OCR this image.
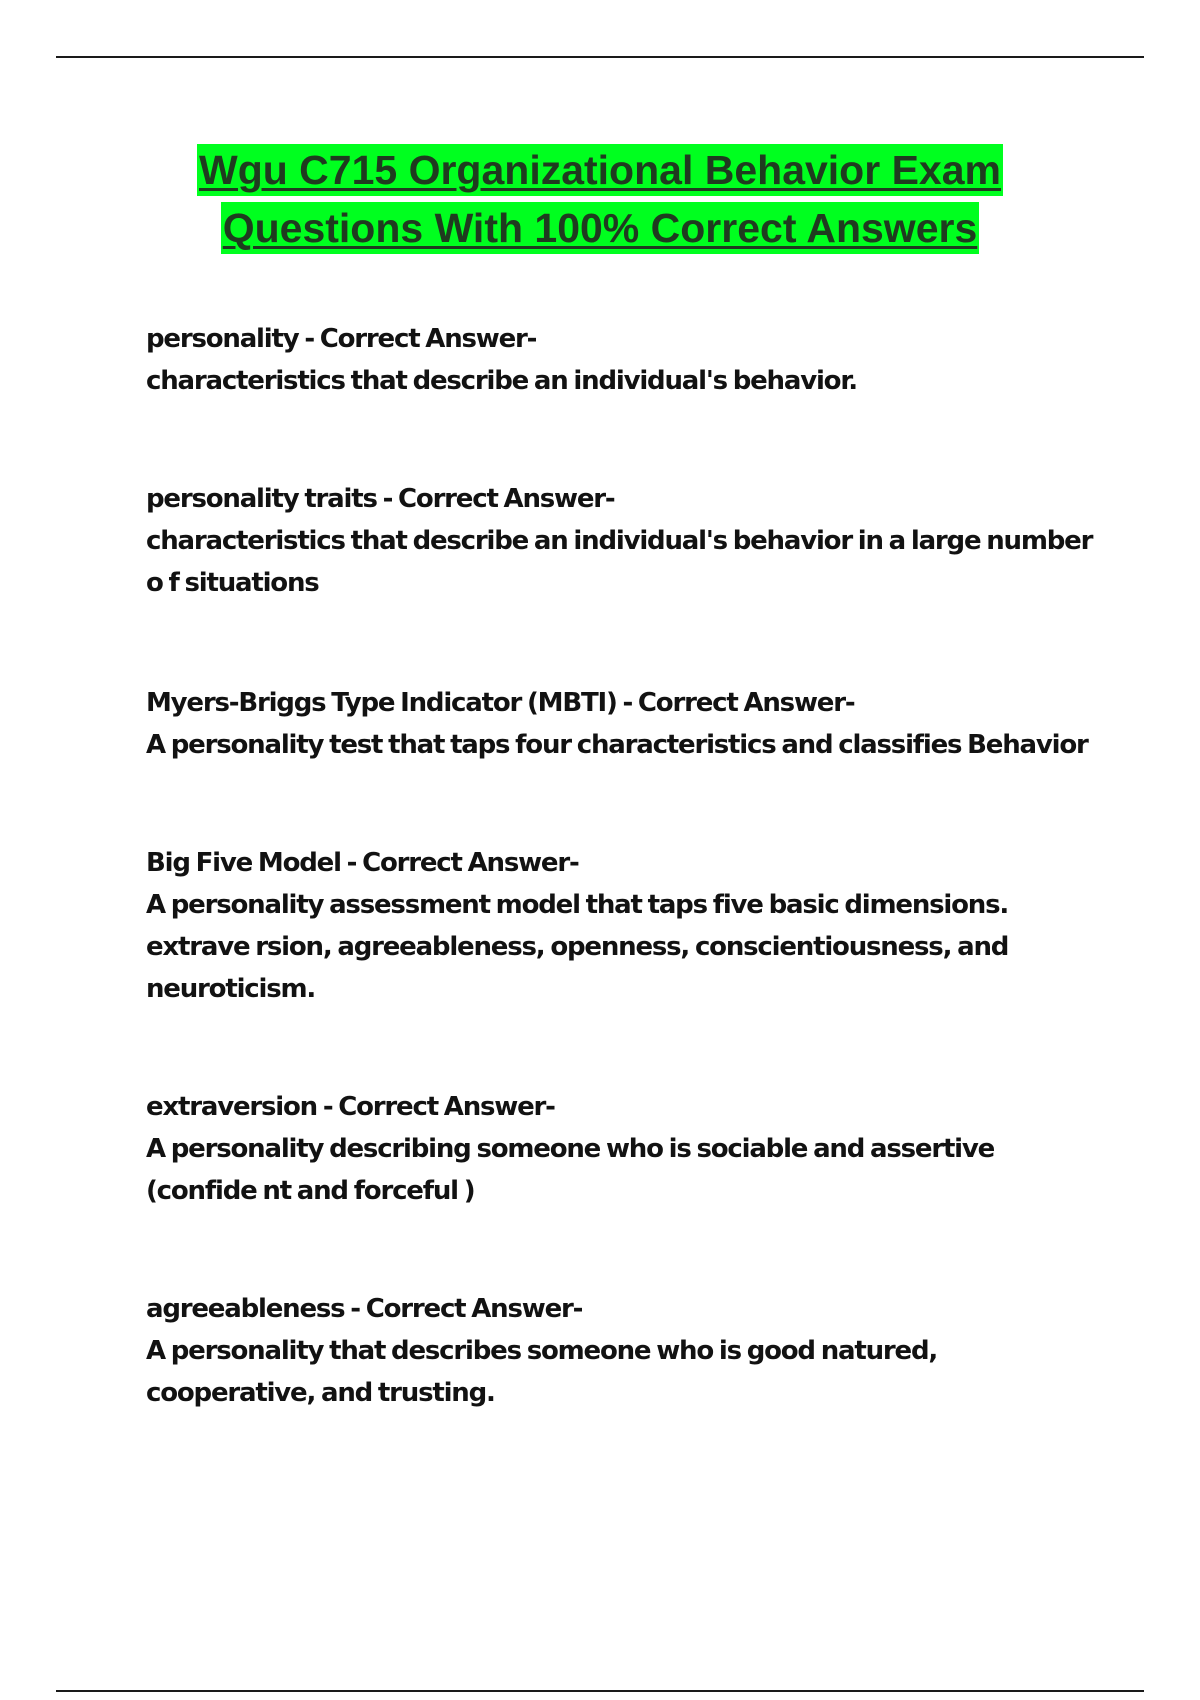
Wgu C715 Organizational Behavior Exam
Questions With 100% Correct Answers

personality - Correct Answer-
characteristics that describe an individual's behavior.

personality traits - Correct Answer-
characteristics that describe an individual's behavior in a large number o f situations

Myers-Briggs Type Indicator (MBTI) - Correct Answer-
A personality test that taps four characteristics and classifies Behavior

Big Five Model - Correct Answer-
A personality assessment model that taps five basic dimensions. extrave rsion, agreeableness, openness, conscientiousness, and neuroticism.

extraversion - Correct Answer-
A personality describing someone who is sociable and assertive (confide nt and forceful )

agreeableness - Correct Answer-
A personality that describes someone who is good natured, cooperative, and trusting.
